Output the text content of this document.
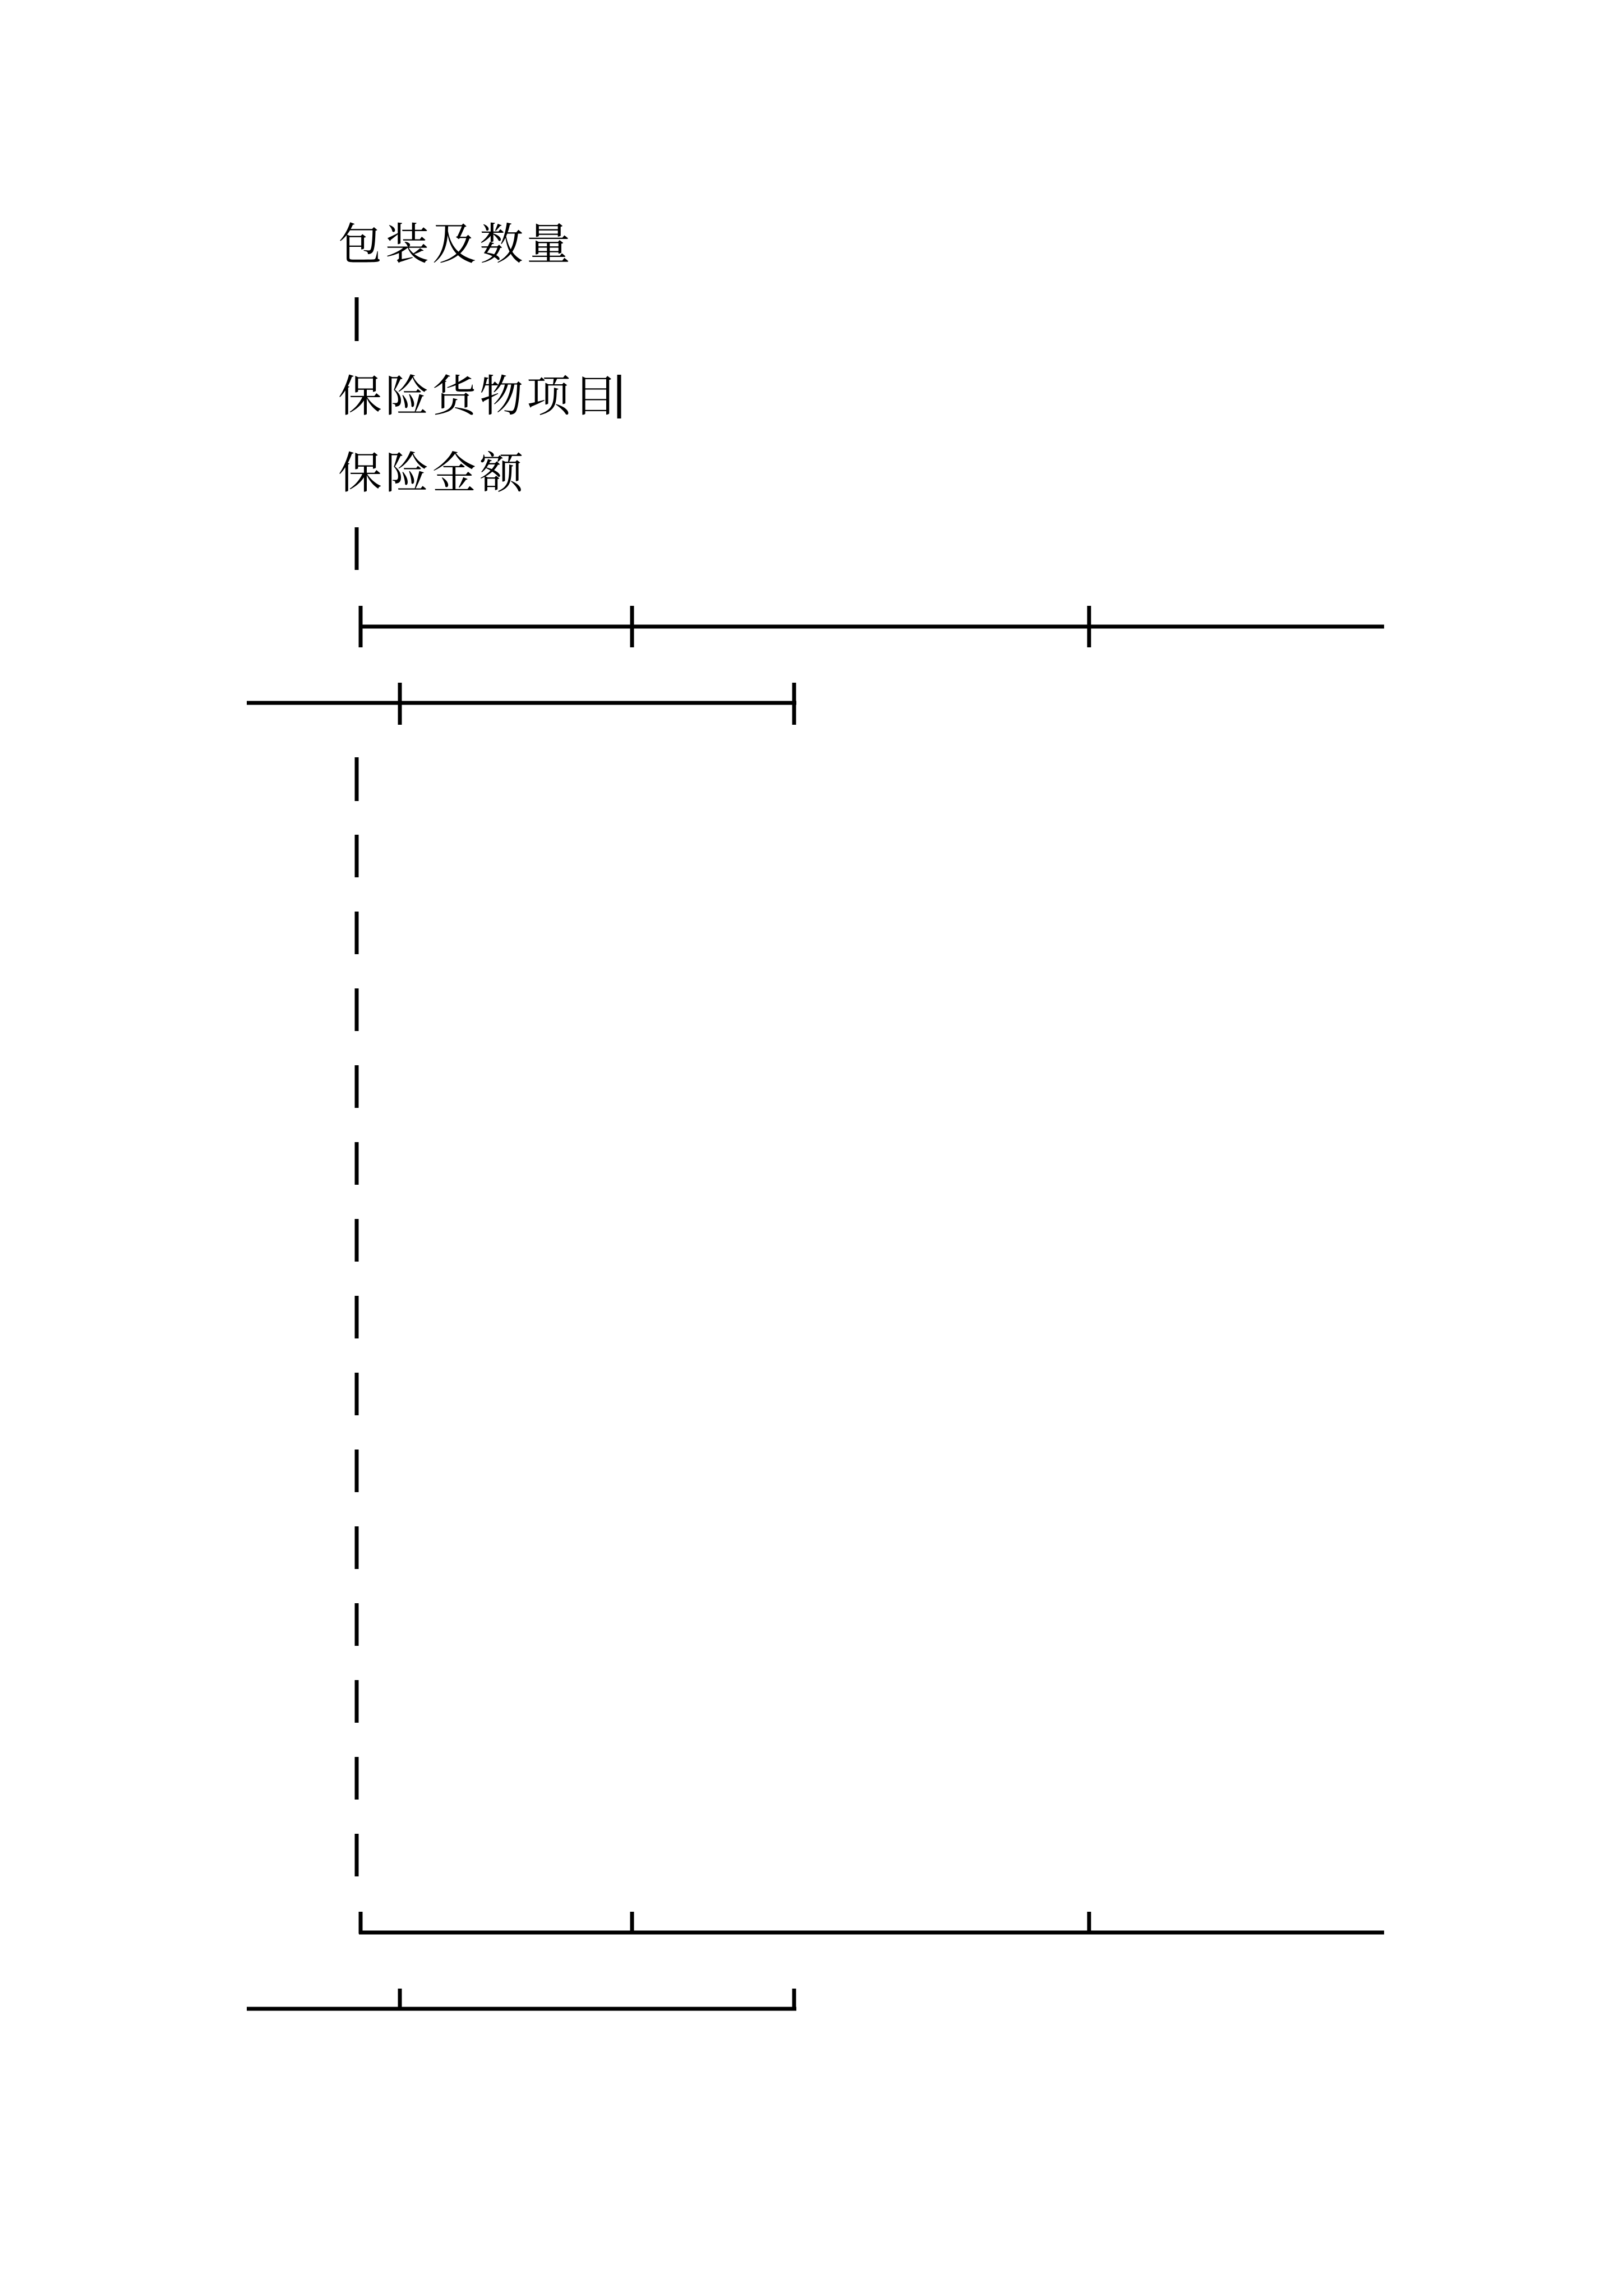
包装及数量
保险货物项目
保险金额
